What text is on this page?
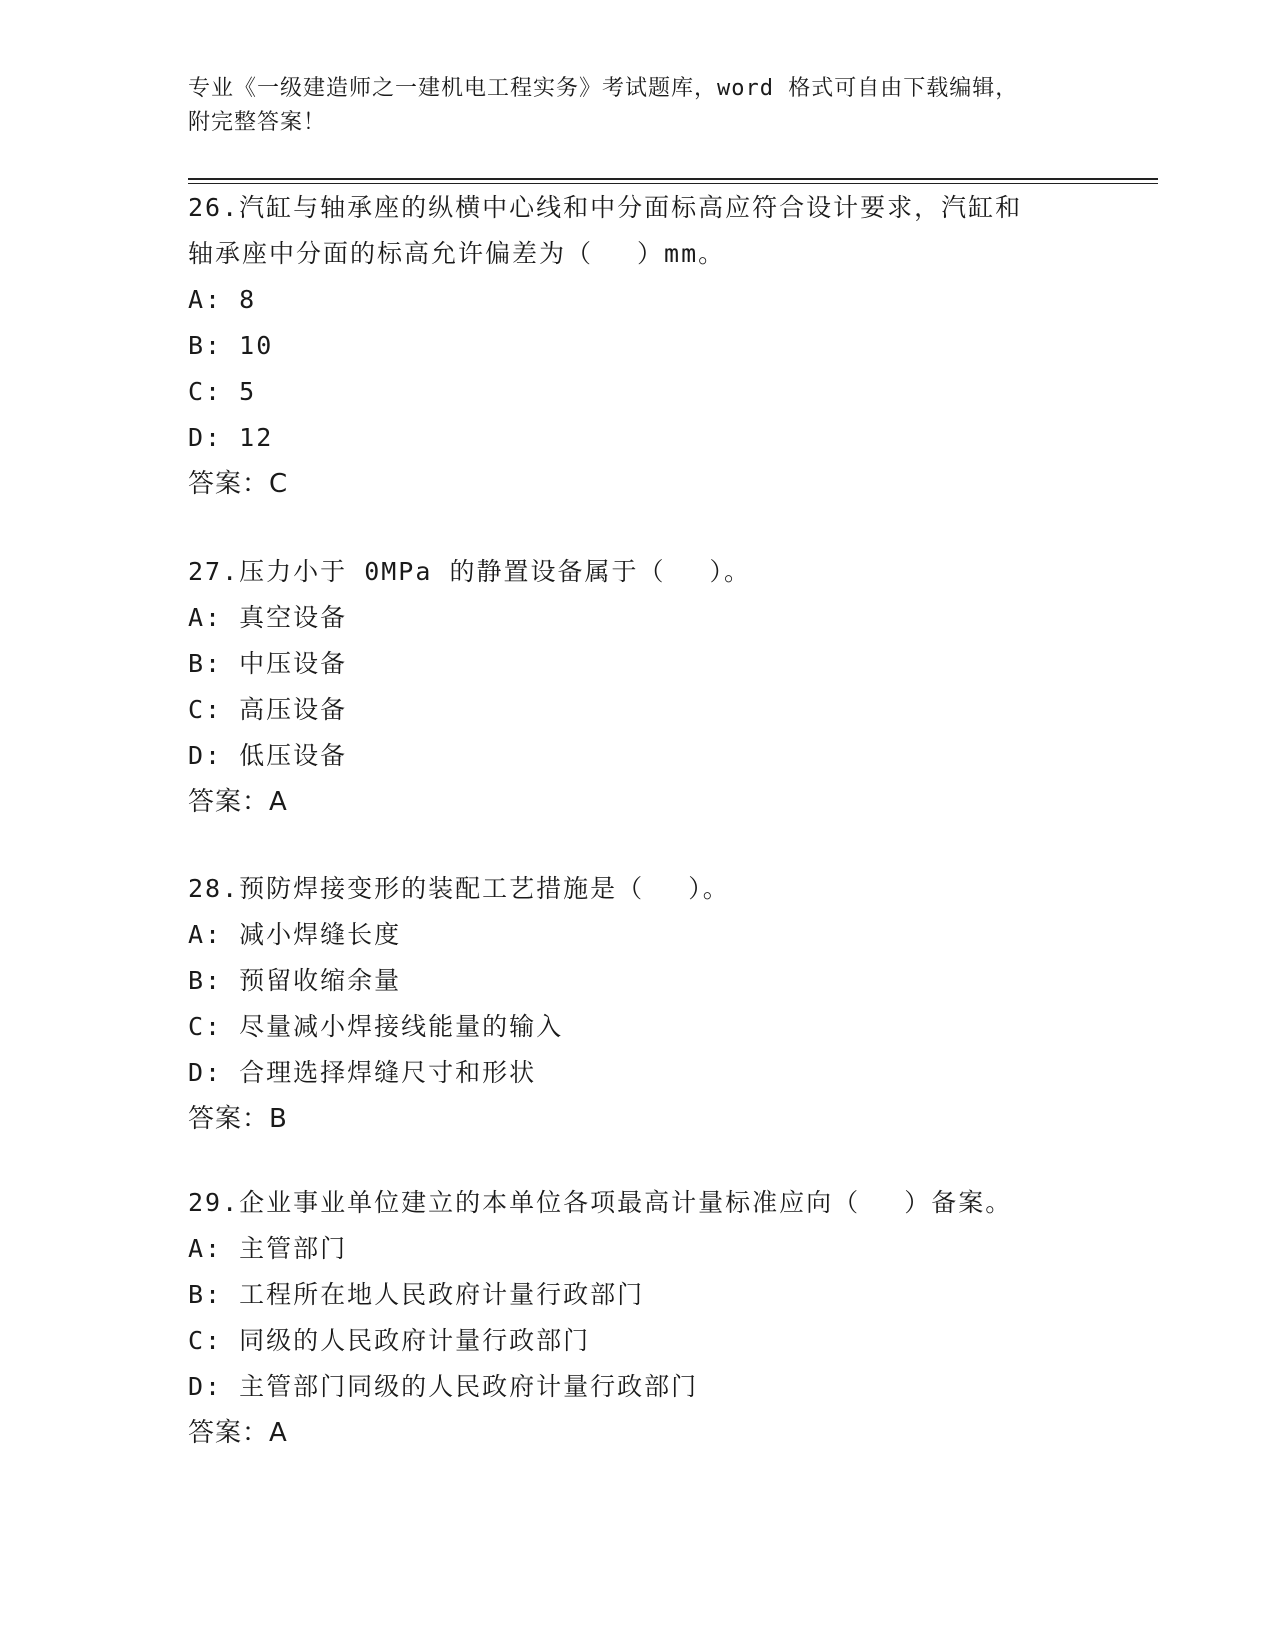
专业《一级建造师之一建机电工程实务》考试题库，word 格式可自由下载编辑，
附完整答案！
26.汽缸与轴承座的纵横中心线和中分面标高应符合设计要求，汽缸和
轴承座中分面的标高允许偏差为（　 ）mm。
A: 8
B: 10
C: 5
D: 12
答案：C
27.压力小于 0MPa 的静置设备属于（　 ）。
A: 真空设备
B: 中压设备
C: 高压设备
D: 低压设备
答案：A
28.预防焊接变形的装配工艺措施是（　 ）。
A: 减小焊缝长度
B: 预留收缩余量
C: 尽量减小焊接线能量的输入
D: 合理选择焊缝尺寸和形状
答案：B
29.企业事业单位建立的本单位各项最高计量标准应向（　 ）备案。
A: 主管部门
B: 工程所在地人民政府计量行政部门
C: 同级的人民政府计量行政部门
D: 主管部门同级的人民政府计量行政部门
答案：A
